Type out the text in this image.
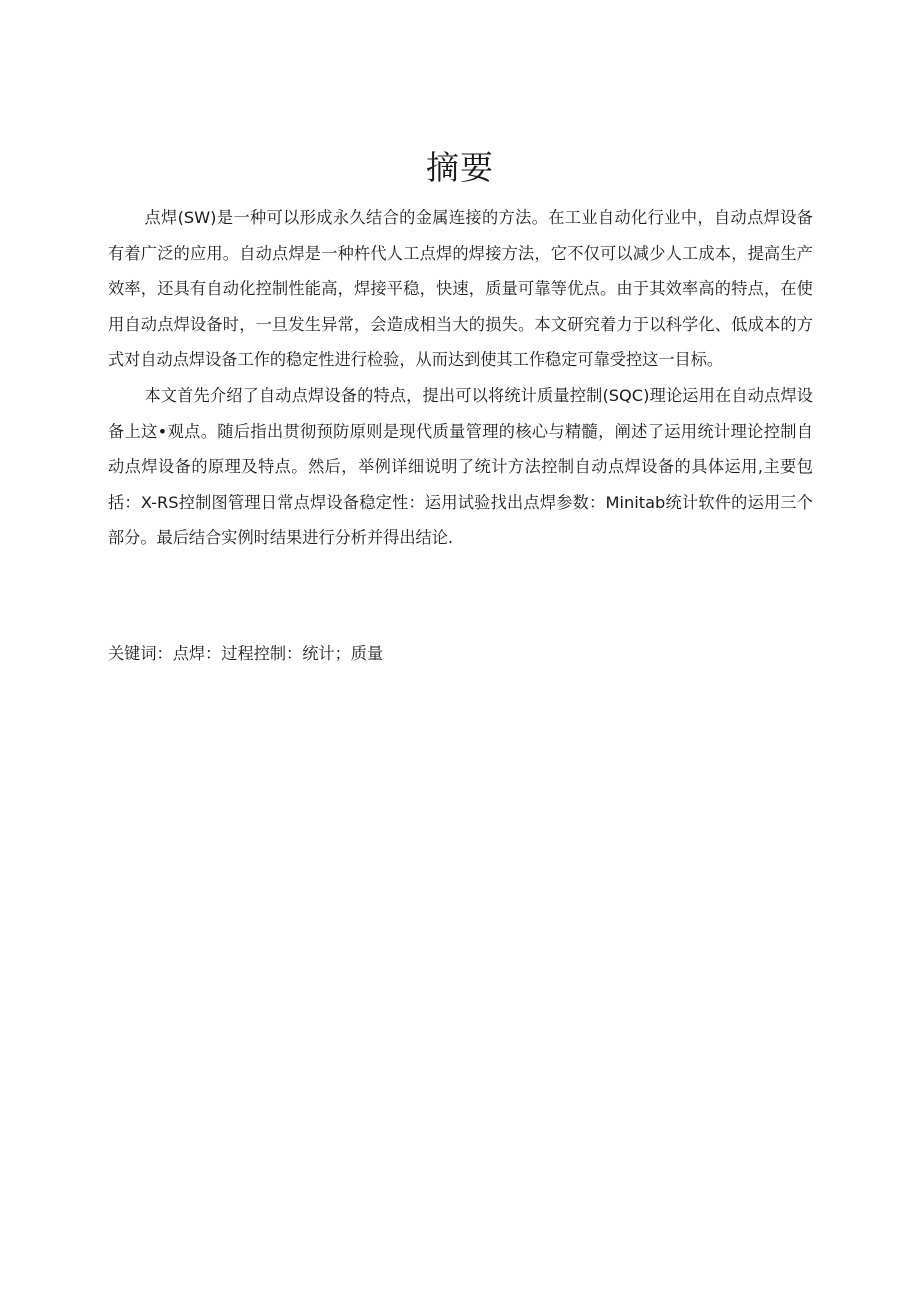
摘要

点焊(SW)是一种可以形成永久结合的金属连接的方法。在工业自动化行业中，自动点焊设备有着广泛的应用。自动点焊是一种杵代人工点焊的焊接方法，它不仅可以减少人工成本，提高生产效率，还具有自动化控制性能高，焊接平稳，快速，质量可靠等优点。由于其效率高的特点，在使用自动点焊设备时，一旦发生异常，会造成相当大的损失。本文研究着力于以科学化、低成本的方式对自动点焊设备工作的稳定性进行检验，从而达到使其工作稳定可靠受控这一目标。

本文首先介绍了自动点焊设备的特点，提出可以将统计质量控制(SQC)理论运用在自动点焊设备上这•观点。随后指出贯彻预防原则是现代质量管理的核心与精髓，阐述了运用统计理论控制自动点焊设备的原理及特点。然后，举例详细说明了统计方法控制自动点焊设备的具体运用,主要包括：X-RS控制图管理日常点焊设备稳定性：运用试验找出点焊参数：Minitab统计软件的运用三个部分。最后结合实例时结果进行分析并得出结论.

关键词：点焊：过程控制：统计；质量
